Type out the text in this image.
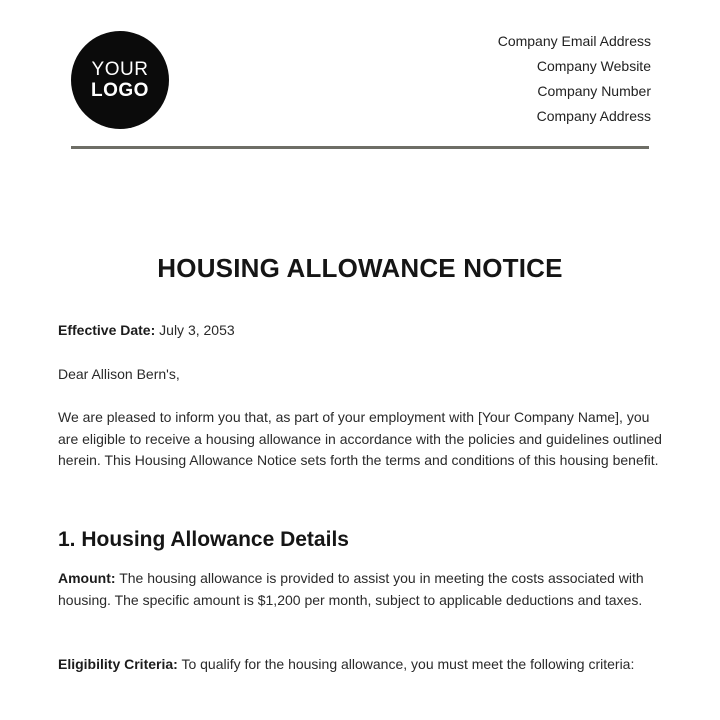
YOUR
LOGO
Company Email Address
Company Website
Company Number
Company Address
HOUSING ALLOWANCE NOTICE

Effective Date: July 3, 2053

Dear Allison Bern's,

We are pleased to inform you that, as part of your employment with [Your Company Name], you are eligible to receive a housing allowance in accordance with the policies and guidelines outlined herein. This Housing Allowance Notice sets forth the terms and conditions of this housing benefit.

1. Housing Allowance Details

Amount: The housing allowance is provided to assist you in meeting the costs associated with housing. The specific amount is $1,200 per month, subject to applicable deductions and taxes.

Eligibility Criteria: To qualify for the housing allowance, you must meet the following criteria:
